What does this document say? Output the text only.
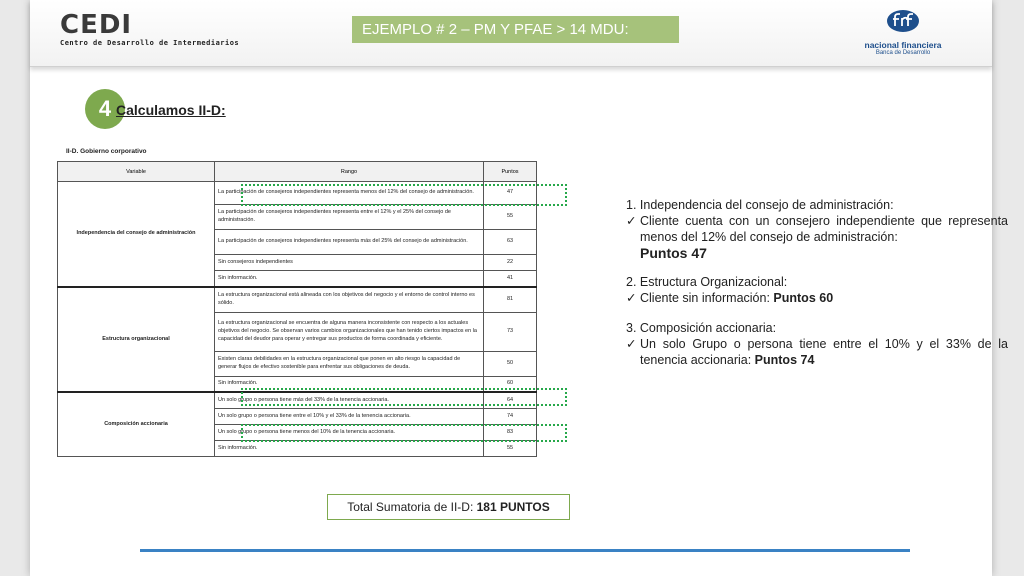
CEDI
Centro de Desarrollo de Intermediarios
EJEMPLO # 2 – PM Y PFAE > 14 MDU:
nacional financiera
Banca de Desarrollo
4 Calculamos II-D:
II-D. Gobierno corporativo
Variable	Rango	Puntos
Independencia del consejo de administración	La participación de consejeros independientes representa menos del 12% del consejo de administración.	47
	La participación de consejeros independientes representa entre el 12% y el 25% del consejo de administración.	55
	La participación de consejeros independientes representa más del 25% del consejo de administración.	63
	Sin consejeros independientes	22
	Sin información.	41
Estructura organizacional	La estructura organizacional está alineada con los objetivos del negocio y el entorno de control interno es sólido.	81
	La estructura organizacional se encuentra de alguna manera inconsistente con respecto a los actuales objetivos del negocio. Se observan varios cambios organizacionales que han tenido ciertos impactos en la capacidad del deudor para operar y entregar sus productos de forma coordinada y eficiente.	73
	Existen claras debilidades en la estructura organizacional que ponen en alto riesgo la capacidad de generar flujos de efectivo sostenible para enfrentar sus obligaciones de deuda.	50
	Sin información.	60
Composición accionaria	Un solo grupo o persona tiene más del 33% de la tenencia accionaria.	64
	Un solo grupo o persona tiene entre el 10% y el 33% de la tenencia accionaria.	74
	Un solo grupo o persona tiene menos del 10% de la tenencia accionaria.	83
	Sin información.	55

1. Independencia del consejo de administración:

✓ Cliente cuenta con un consejero independiente que representa menos del 12% del consejo de administración:
Puntos 47

2. Estructura Organizacional:

✓ Cliente sin información: Puntos 60

3. Composición accionaria:

✓ Un solo Grupo o persona tiene entre el 10% y el 33% de la tenencia accionaria: Puntos 74
Total Sumatoria de II-D: 181 PUNTOS
